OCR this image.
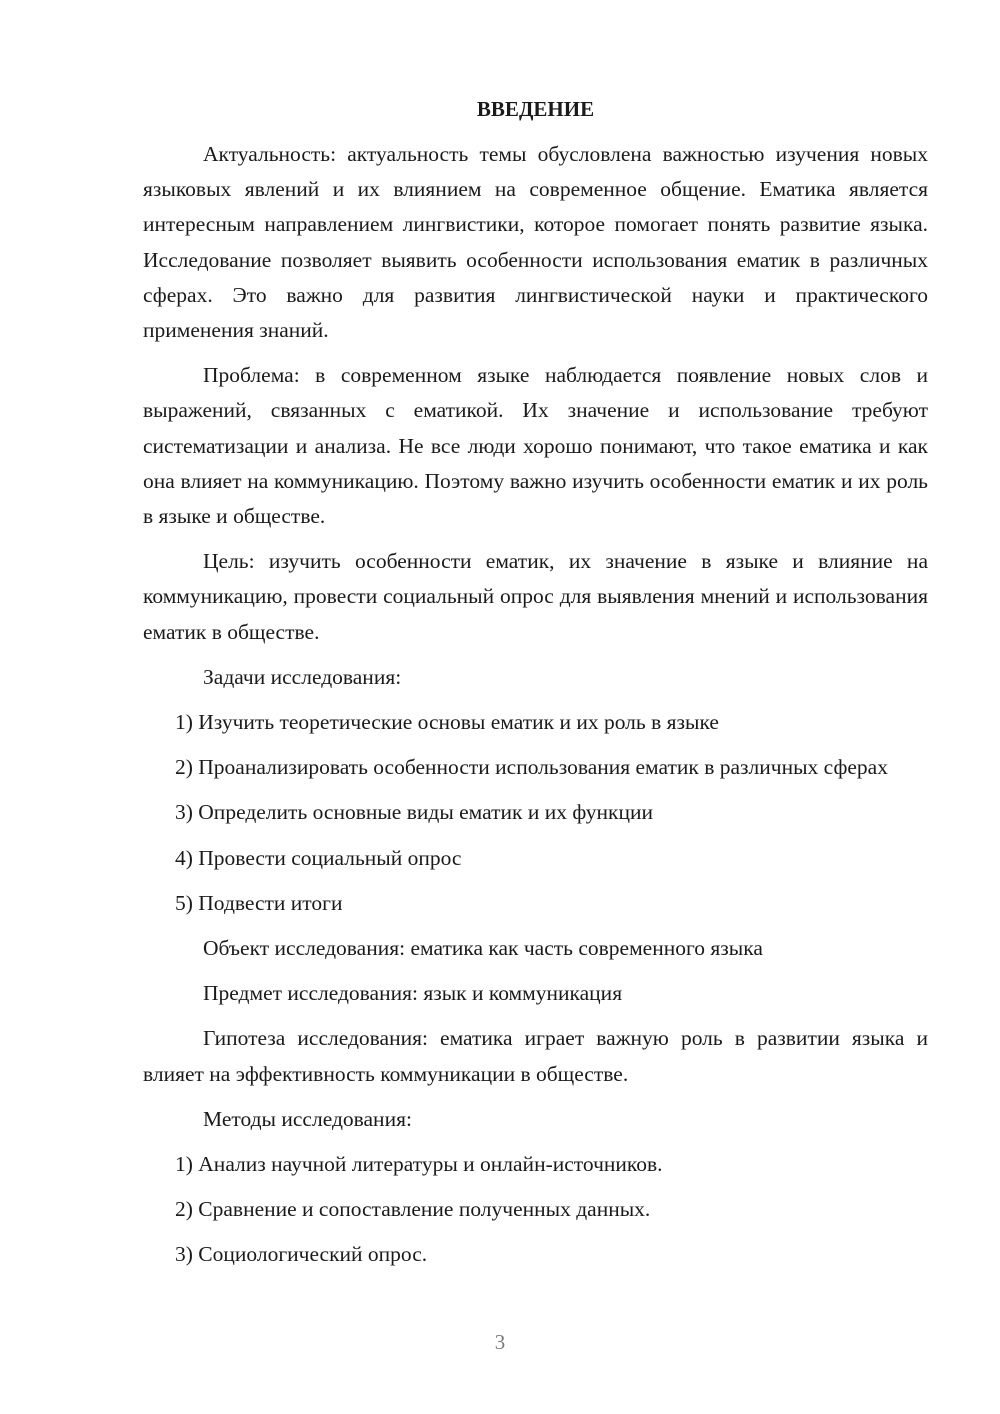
ВВЕДЕНИЕ

Актуальность: актуальность темы обусловлена важностью изучения новых языковых явлений и их влиянием на современное общение. Ематика является интересным направлением лингвистики, которое помогает понять развитие языка. Исследование позволяет выявить особенности использования ематик в различных сферах. Это важно для развития лингвистической науки и практического применения знаний.

Проблема: в современном языке наблюдается появление новых слов и выражений, связанных с ематикой. Их значение и использование требуют систематизации и анализа. Не все люди хорошо понимают, что такое ематика и как она влияет на коммуникацию. Поэтому важно изучить особенности ематик и их роль в языке и обществе.

Цель: изучить особенности ематик, их значение в языке и влияние на коммуникацию, провести социальный опрос для выявления мнений и использования ематик в обществе.

Задачи исследования:

1) Изучить теоретические основы ематик и их роль в языке

2) Проанализировать особенности использования ематик в различных сферах

3) Определить основные виды ематик и их функции

4) Провести социальный опрос

5) Подвести итоги

Объект исследования: ематика как часть современного языка

Предмет исследования: язык и коммуникация

Гипотеза исследования: ематика играет важную роль в развитии языка и влияет на эффективность коммуникации в обществе.

Методы исследования:

1) Анализ научной литературы и онлайн-источников.

2) Сравнение и сопоставление полученных данных.

3) Социологический опрос.

3
